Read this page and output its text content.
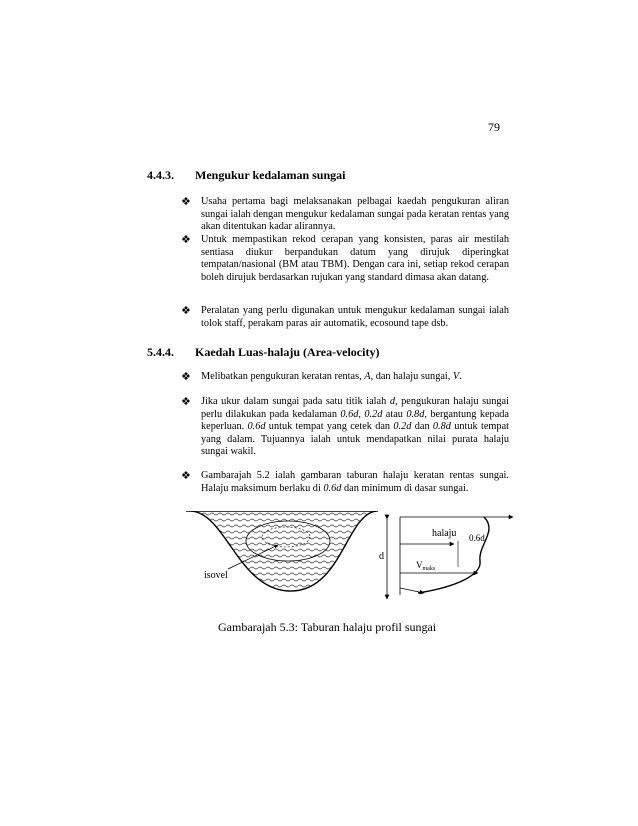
79
4.4.3. Mengukur kedalaman sungai
❖ Usaha pertama bagi melaksanakan pelbagai kaedah pengukuran aliran sungai ialah dengan mengukur kedalaman sungai pada keratan rentas yang akan ditentukan kadar alirannya.
❖ Untuk mempastikan rekod cerapan yang konsisten, paras air mestilah sentiasa diukur berpandukan datum yang dirujuk diperingkat tempatan/nasional (BM atau TBM). Dengan cara ini, setiap rekod cerapan boleh dirujuk berdasarkan rujukan yang standard dimasa akan datang.
❖ Peralatan yang perlu digunakan untuk mengukur kedalaman sungai ialah tolok staff, perakam paras air automatik, ecosound tape dsb.
5.4.4. Kaedah Luas-halaju (Area-velocity)
❖ Melibatkan pengukuran keratan rentas, A, dan halaju sungai, V.
❖ Jika ukur dalam sungai pada satu titik ialah d, pengukuran halaju sungai perlu dilakukan pada kedalaman 0.6d, 0.2d atau 0.8d, bergantung kepada keperluan. 0.6d untuk tempat yang cetek dan 0.2d dan 0.8d untuk tempat yang dalam. Tujuannya ialah untuk mendapatkan nilai purata halaju sungai wakil.
❖ Gambarajah 5.2 ialah gambaran taburan halaju keratan rentas sungai. Halaju maksimum berlaku di 0.6d dan minimum di dasar sungai.
isovel
d
halaju 0.6d
$V_{maks}$
Gambarajah 5.3: Taburan halaju profil sungai
